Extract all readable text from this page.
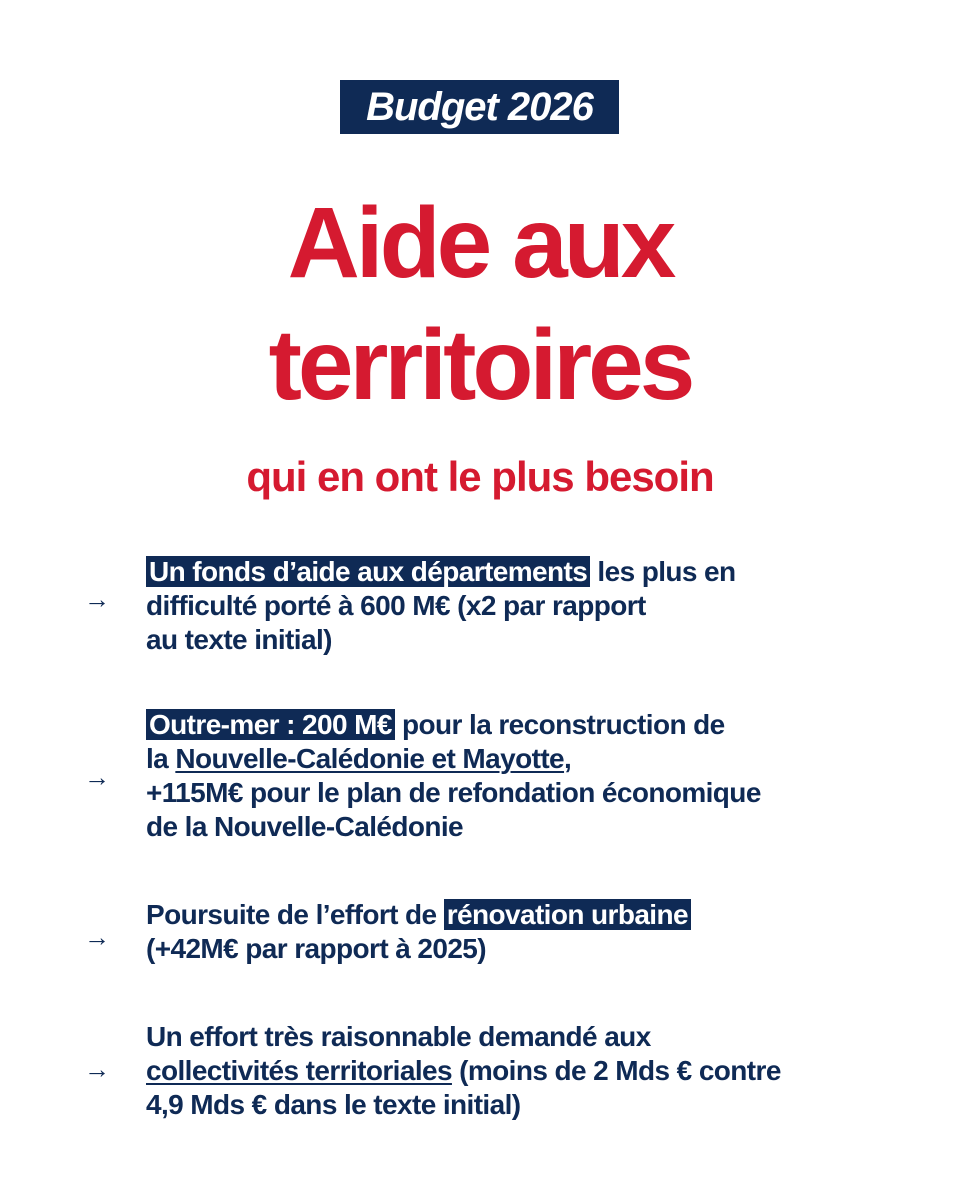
Budget 2026
Aide aux
territoires
qui en ont le plus besoin
→
Un fonds d’aide aux départements les plus en
difficulté porté à 600 M€ (x2 par rapport
au texte initial)
→
Outre-mer : 200 M€ pour la reconstruction de
la Nouvelle-Calédonie et Mayotte,
+115M€ pour le plan de refondation économique
de la Nouvelle-Calédonie
→
Poursuite de l’effort de rénovation urbaine
(+42M€ par rapport à 2025)
→
Un effort très raisonnable demandé aux
collectivités territoriales (moins de 2 Mds € contre
4,9 Mds € dans le texte initial)
